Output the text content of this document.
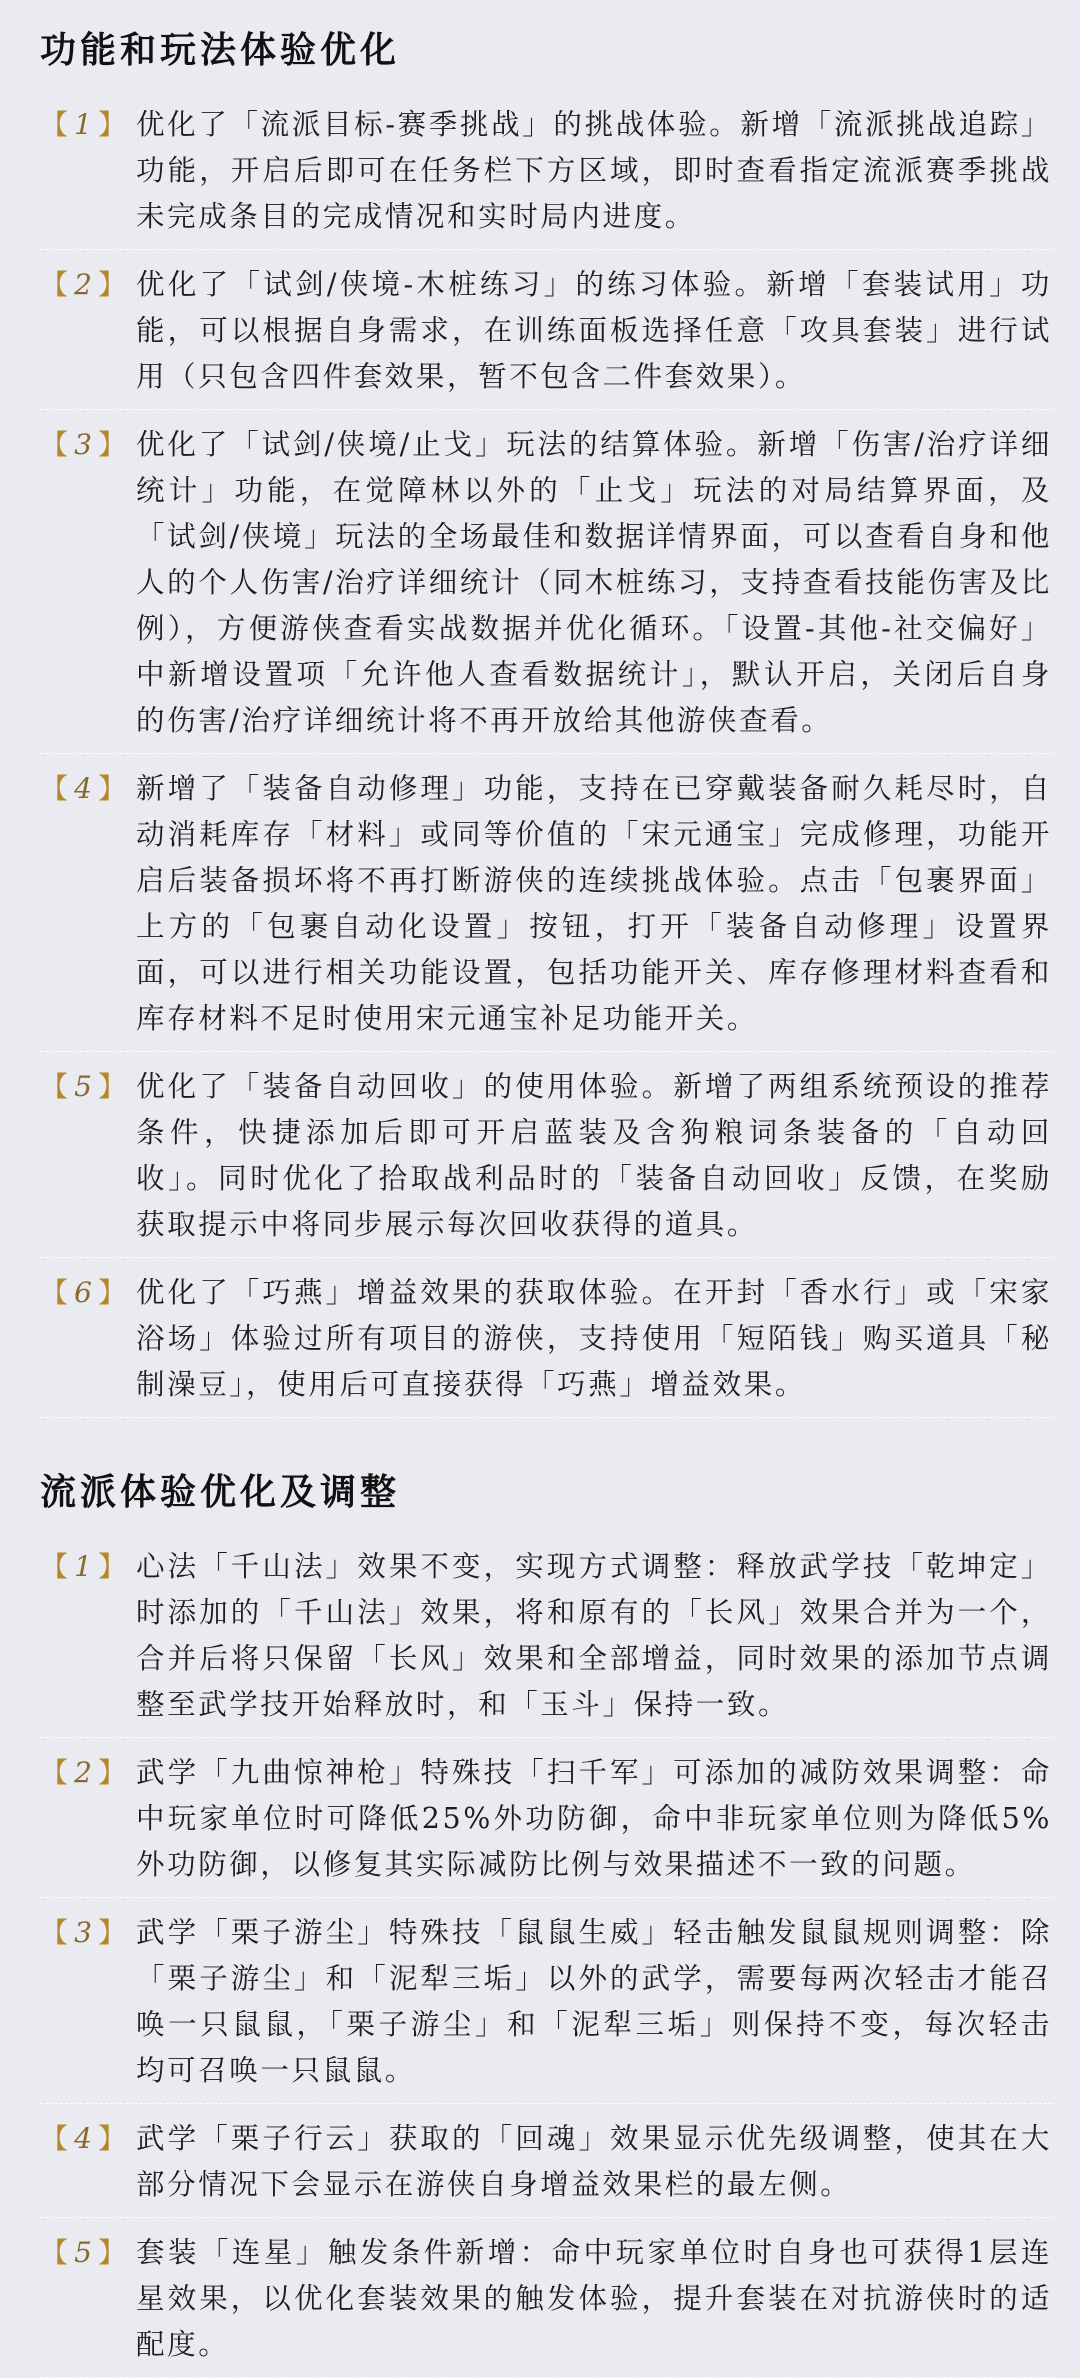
功能和玩法体验优化
【 1 】 优化了「流派目标-赛季挑战」的挑战体验。新增「流派挑战追踪」功能，开启后即可在任务栏下方区域，即时查看指定流派赛季挑战未完成条目的完成情况和实时局内进度。
【 2 】 优化了「试剑/侠境-木桩练习」的练习体验。新增「套装试用」功能，可以根据自身需求，在训练面板选择任意「攻具套装」进行试用（只包含四件套效果，暂不包含二件套效果）。
【 3 】 优化了「试剑/侠境/止戈」玩法的结算体验。新增「伤害/治疗详细统计」功能，在觉障林以外的「止戈」玩法的对局结算界面，及「试剑/侠境」玩法的全场最佳和数据详情界面，可以查看自身和他人的个人伤害/治疗详细统计（同木桩练习，支持查看技能伤害及比例），方便游侠查看实战数据并优化循环。「设置-其他-社交偏好」中新增设置项「允许他人查看数据统计」，默认开启，关闭后自身的伤害/治疗详细统计将不再开放给其他游侠查看。
【 4 】 新增了「装备自动修理」功能，支持在已穿戴装备耐久耗尽时，自动消耗库存「材料」或同等价值的「宋元通宝」完成修理，功能开启后装备损坏将不再打断游侠的连续挑战体验。点击「包裹界面」上方的「包裹自动化设置」按钮，打开「装备自动修理」设置界面，可以进行相关功能设置，包括功能开关、库存修理材料查看和库存材料不足时使用宋元通宝补足功能开关。
【 5 】 优化了「装备自动回收」的使用体验。新增了两组系统预设的推荐条件，快捷添加后即可开启蓝装及含狗粮词条装备的「自动回收」。同时优化了拾取战利品时的「装备自动回收」反馈，在奖励获取提示中将同步展示每次回收获得的道具。
【 6 】 优化了「巧燕」增益效果的获取体验。在开封「香水行」或「宋家浴场」体验过所有项目的游侠，支持使用「短陌钱」购买道具「秘制澡豆」，使用后可直接获得「巧燕」增益效果。
流派体验优化及调整
【 1 】 心法「千山法」效果不变，实现方式调整：释放武学技「乾坤定」时添加的「千山法」效果，将和原有的「长风」效果合并为一个，合并后将只保留「长风」效果和全部增益，同时效果的添加节点调整至武学技开始释放时，和「玉斗」保持一致。
【 2 】 武学「九曲惊神枪」特殊技「扫千军」可添加的减防效果调整：命中玩家单位时可降低25%外功防御，命中非玩家单位则为降低5%外功防御，以修复其实际减防比例与效果描述不一致的问题。
【 3 】 武学「栗子游尘」特殊技「鼠鼠生威」轻击触发鼠鼠规则调整：除「栗子游尘」和「泥犁三垢」以外的武学，需要每两次轻击才能召唤一只鼠鼠，「栗子游尘」和「泥犁三垢」则保持不变，每次轻击均可召唤一只鼠鼠。
【 4 】 武学「栗子行云」获取的「回魂」效果显示优先级调整，使其在大部分情况下会显示在游侠自身增益效果栏的最左侧。
【 5 】 套装「连星」触发条件新增：命中玩家单位时自身也可获得1层连星效果，以优化套装效果的触发体验，提升套装在对抗游侠时的适配度。
